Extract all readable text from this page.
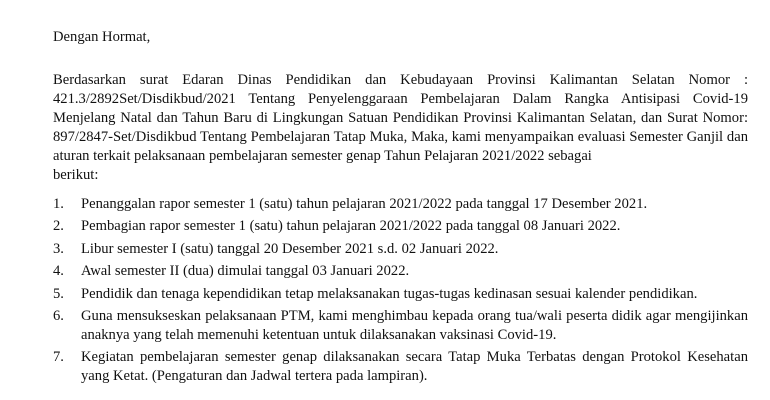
Dengan Hormat,

Berdasarkan surat Edaran Dinas Pendidikan dan Kebudayaan Provinsi Kalimantan Selatan Nomor : 421.3/2892Set/Disdikbud/2021 Tentang Penyelenggaraan Pembelajaran Dalam Rangka Antisipasi Covid-19 Menjelang Natal dan Tahun Baru di Lingkungan Satuan Pendidikan Provinsi Kalimantan Selatan, dan Surat Nomor: 897/2847-Set/Disdikbud Tentang Pembelajaran Tatap Muka, Maka, kami menyampaikan evaluasi Semester Ganjil dan aturan terkait pelaksanaan pembelajaran semester genap Tahun Pelajaran 2021/2022 sebagai

berikut:

1.	Penanggalan rapor semester 1 (satu) tahun pelajaran 2021/2022 pada tanggal 17 Desember 2021.
2.	Pembagian rapor semester 1 (satu) tahun pelajaran 2021/2022 pada tanggal 08 Januari 2022.
3.	Libur semester I (satu) tanggal 20 Desember 2021 s.d. 02 Januari 2022.
4.	Awal semester II (dua) dimulai tanggal 03 Januari 2022.
5.	Pendidik dan tenaga kependidikan tetap melaksanakan tugas-tugas kedinasan sesuai kalender pendidikan.
6.	Guna mensukseskan pelaksanaan PTM, kami menghimbau kepada orang tua/wali peserta didik agar mengijinkan anaknya yang telah memenuhi ketentuan untuk dilaksanakan vaksinasi Covid-19.
7.	Kegiatan pembelajaran semester genap dilaksanakan secara Tatap Muka Terbatas dengan Protokol Kesehatan yang Ketat. (Pengaturan dan Jadwal tertera pada lampiran).
